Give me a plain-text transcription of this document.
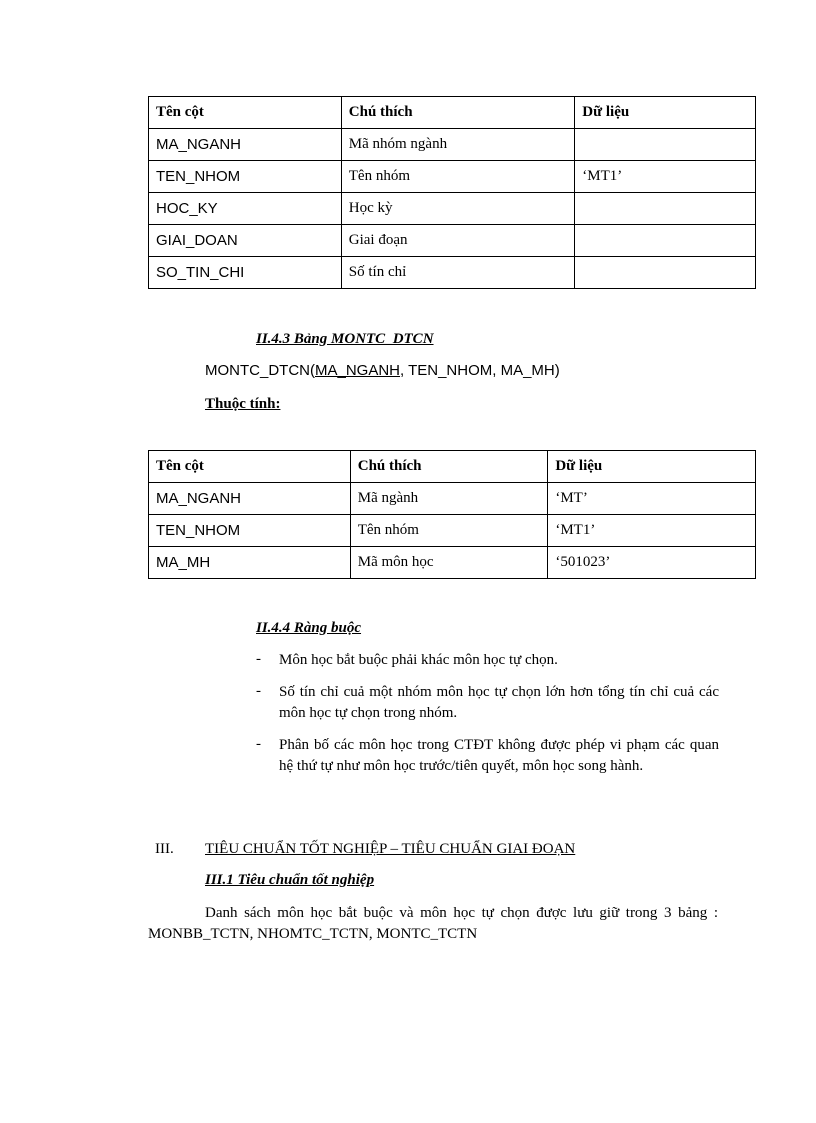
Tên cột	Chú thích	Dữ liệu
MA_NGANH	Mã nhóm ngành	
TEN_NHOM	Tên nhóm	‘MT1’
HOC_KY	Học kỳ	
GIAI_DOAN	Giai đoạn	
SO_TIN_CHI	Số tín chỉ	
II.4.3 Bảng MONTC_DTCN
MONTC_DTCN(MA_NGANH, TEN_NHOM, MA_MH)
Thuộc tính:
Tên cột	Chú thích	Dữ liệu
MA_NGANH	Mã ngành	‘MT’
TEN_NHOM	Tên nhóm	‘MT1’
MA_MH	Mã môn học	‘501023’
II.4.4 Ràng buộc
- Môn học bắt buộc phải khác môn học tự chọn.
- Số tín chỉ cuả một nhóm môn học tự chọn lớn hơn tổng tín chỉ cuả các môn học tự chọn trong nhóm.
- Phân bố các môn học trong CTĐT không được phép vi phạm các quan hệ thứ tự như môn học trước/tiên quyết, môn học song hành.
III. TIÊU CHUẨN TỐT NGHIỆP – TIÊU CHUẨN GIAI ĐOẠN
III.1 Tiêu chuẩn tốt nghiệp
Danh sách môn học bắt buộc và môn học tự chọn được lưu giữ trong 3 bảng : MONBB_TCTN, NHOMTC_TCTN, MONTC_TCTN
